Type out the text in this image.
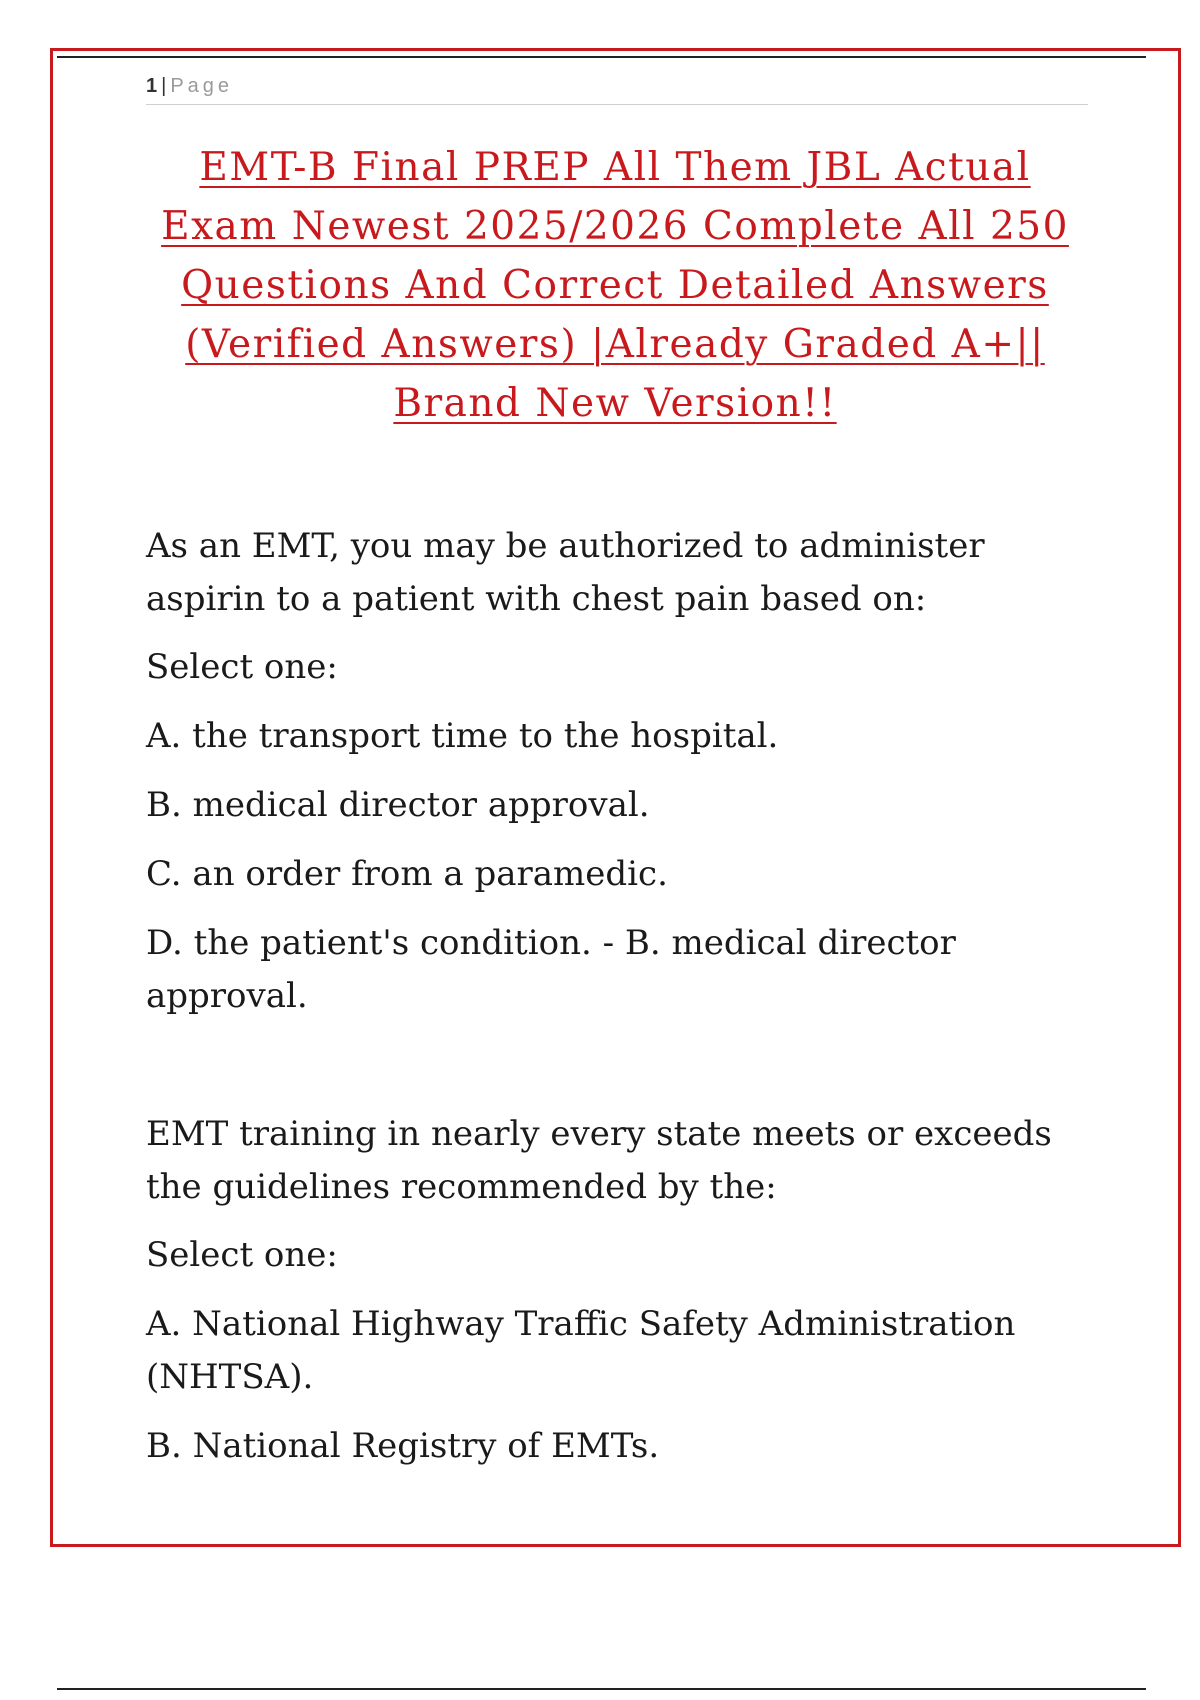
1 | Page
EMT-B Final PREP All Them JBL Actual Exam Newest 2025/2026 Complete All 250 Questions And Correct Detailed Answers (Verified Answers) |Already Graded A+|| Brand New Version!!

As an EMT, you may be authorized to administer aspirin to a patient with chest pain based on:

Select one:

A. the transport time to the hospital.

B. medical director approval.

C. an order from a paramedic.

D. the patient's condition. - B. medical director approval.

EMT training in nearly every state meets or exceeds the guidelines recommended by the:

Select one:

A. National Highway Traffic Safety Administration (NHTSA).

B. National Registry of EMTs.
